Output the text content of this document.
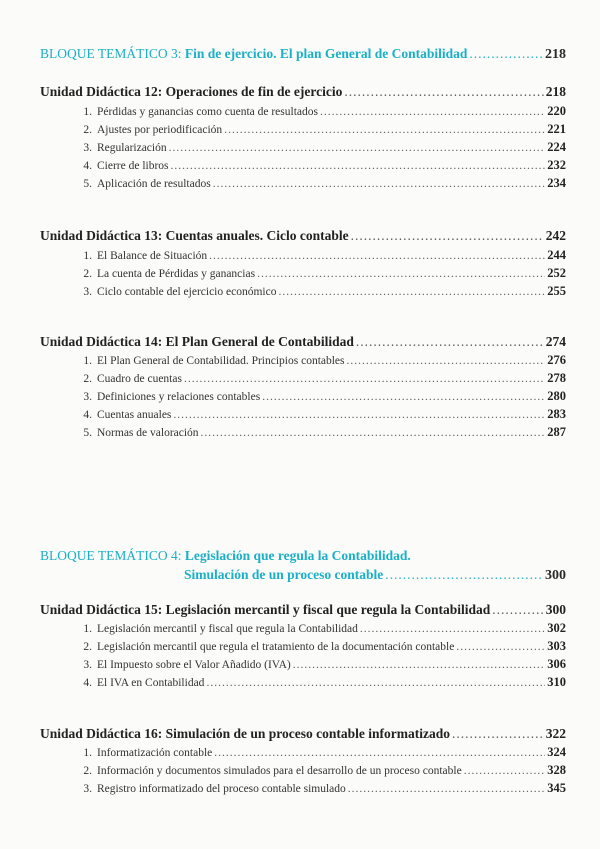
BLOQUE TEMÁTICO 3: Fin de ejercicio. El plan General de Contabilidad .....	218
Unidad Didáctica 12: Operaciones de fin de ejercicio .....	218
1. Pérdidas y ganancias como cuenta de resultados .....	220
2. Ajustes por periodificación .....	221
3. Regularización .....	224
4. Cierre de libros .....	232
5. Aplicación de resultados .....	234
Unidad Didáctica 13: Cuentas anuales. Ciclo contable .....	242
1. El Balance de Situación .....	244
2. La cuenta de Pérdidas y ganancias .....	252
3. Ciclo contable del ejercicio económico .....	255
Unidad Didáctica 14: El Plan General de Contabilidad .....	274
1. El Plan General de Contabilidad. Principios contables .....	276
2. Cuadro de cuentas .....	278
3. Definiciones y relaciones contables .....	280
4. Cuentas anuales .....	283
5. Normas de valoración .....	287
BLOQUE TEMÁTICO 4: Legislación que regula la Contabilidad.
Simulación de un proceso contable .....	300
Unidad Didáctica 15: Legislación mercantil y fiscal que regula la Contabilidad .....	300
1. Legislación mercantil y fiscal que regula la Contabilidad .....	302
2. Legislación mercantil que regula el tratamiento de la documentación contable .....	303
3. El Impuesto sobre el Valor Añadido (IVA) .....	306
4. El IVA en Contabilidad .....	310
Unidad Didáctica 16: Simulación de un proceso contable informatizado .....	322
1. Informatización contable .....	324
2. Información y documentos simulados para el desarrollo de un proceso contable .....	328
3. Registro informatizado del proceso contable simulado .....	345
